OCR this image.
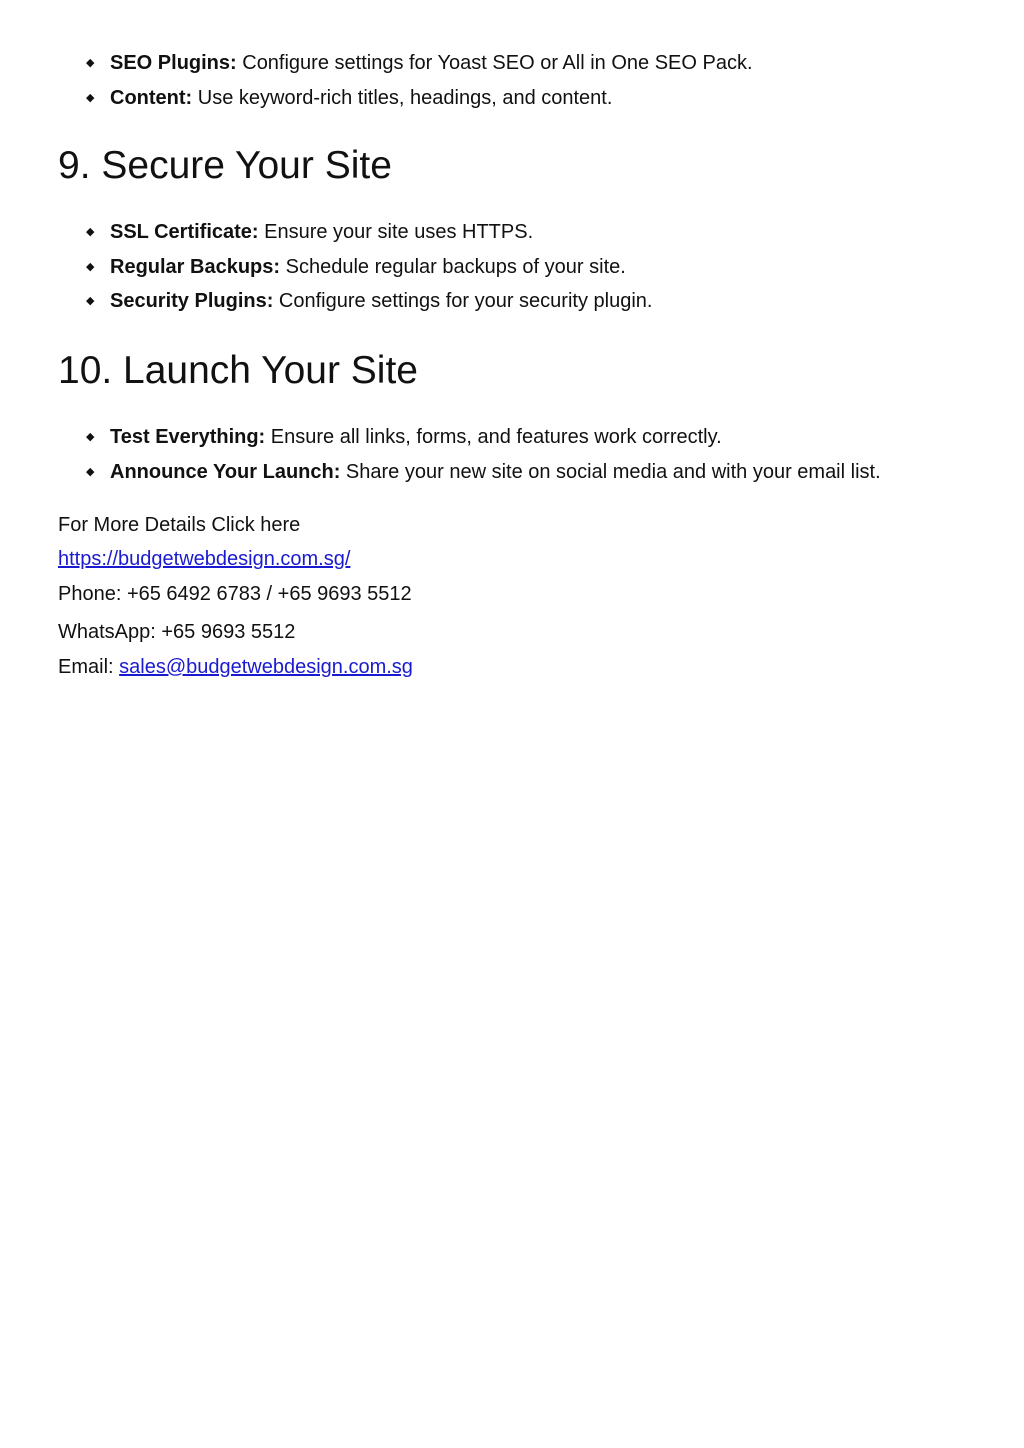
◆ SEO Plugins: Configure settings for Yoast SEO or All in One SEO Pack.
◆ Content: Use keyword-rich titles, headings, and content.
9. Secure Your Site
◆ SSL Certificate: Ensure your site uses HTTPS.
◆ Regular Backups: Schedule regular backups of your site.
◆ Security Plugins: Configure settings for your security plugin.
10. Launch Your Site
◆ Test Everything: Ensure all links, forms, and features work correctly.
◆ Announce Your Launch: Share your new site on social media and with your email list.

For More Details Click here

https://budgetwebdesign.com.sg/

Phone: +65 6492 6783 / +65 9693 5512

WhatsApp: +65 9693 5512

Email: sales@budgetwebdesign.com.sg
